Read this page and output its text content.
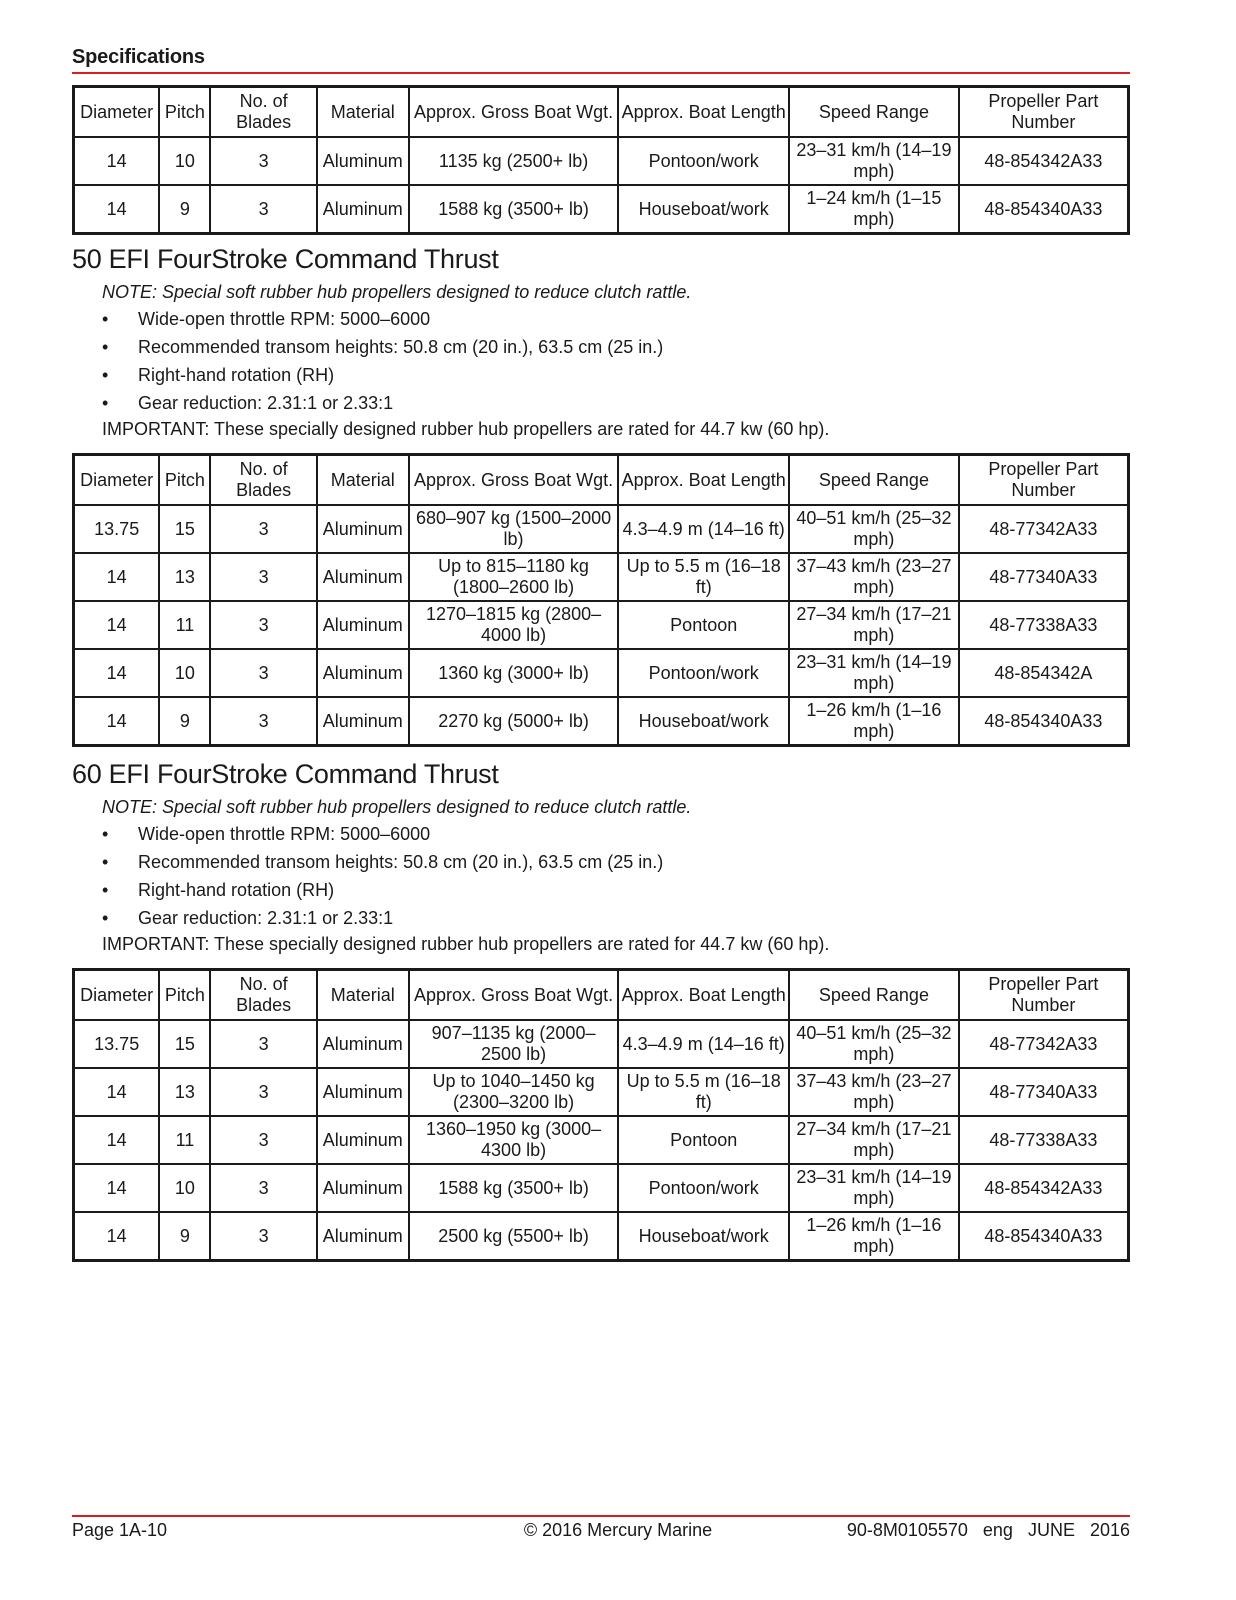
Specifications
Diameter	Pitch	No. of Blades	Material	Approx. Gross Boat Wgt.	Approx. Boat Length	Speed Range	Propeller Part Number
14	10	3	Aluminum	1135 kg (2500+ lb)	Pontoon/work	23–31 km/h (14–19 mph)	48-854342A33
14	9	3	Aluminum	1588 kg (3500+ lb)	Houseboat/work	1–24 km/h (1–15 mph)	48-854340A33
50 EFI FourStroke Command Thrust
NOTE: Special soft rubber hub propellers designed to reduce clutch rattle.
•	Wide-open throttle RPM: 5000–6000
•	Recommended transom heights: 50.8 cm (20 in.), 63.5 cm (25 in.)
•	Right-hand rotation (RH)
•	Gear reduction: 2.31:1 or 2.33:1
IMPORTANT: These specially designed rubber hub propellers are rated for 44.7 kw (60 hp).
Diameter	Pitch	No. of Blades	Material	Approx. Gross Boat Wgt.	Approx. Boat Length	Speed Range	Propeller Part Number
13.75	15	3	Aluminum	680–907 kg (1500–2000 lb)	4.3–4.9 m (14–16 ft)	40–51 km/h (25–32 mph)	48-77342A33
14	13	3	Aluminum	Up to 815–1180 kg (1800–2600 lb)	Up to 5.5 m (16–18 ft)	37–43 km/h (23–27 mph)	48-77340A33
14	11	3	Aluminum	1270–1815 kg (2800–4000 lb)	Pontoon	27–34 km/h (17–21 mph)	48-77338A33
14	10	3	Aluminum	1360 kg (3000+ lb)	Pontoon/work	23–31 km/h (14–19 mph)	48-854342A
14	9	3	Aluminum	2270 kg (5000+ lb)	Houseboat/work	1–26 km/h (1–16 mph)	48-854340A33
60 EFI FourStroke Command Thrust
NOTE: Special soft rubber hub propellers designed to reduce clutch rattle.
•	Wide-open throttle RPM: 5000–6000
•	Recommended transom heights: 50.8 cm (20 in.), 63.5 cm (25 in.)
•	Right-hand rotation (RH)
•	Gear reduction: 2.31:1 or 2.33:1
IMPORTANT: These specially designed rubber hub propellers are rated for 44.7 kw (60 hp).
Diameter	Pitch	No. of Blades	Material	Approx. Gross Boat Wgt.	Approx. Boat Length	Speed Range	Propeller Part Number
13.75	15	3	Aluminum	907–1135 kg (2000–2500 lb)	4.3–4.9 m (14–16 ft)	40–51 km/h (25–32 mph)	48-77342A33
14	13	3	Aluminum	Up to 1040–1450 kg (2300–3200 lb)	Up to 5.5 m (16–18 ft)	37–43 km/h (23–27 mph)	48-77340A33
14	11	3	Aluminum	1360–1950 kg (3000–4300 lb)	Pontoon	27–34 km/h (17–21 mph)	48-77338A33
14	10	3	Aluminum	1588 kg (3500+ lb)	Pontoon/work	23–31 km/h (14–19 mph)	48-854342A33
14	9	3	Aluminum	2500 kg (5500+ lb)	Houseboat/work	1–26 km/h (1–16 mph)	48-854340A33
Page 1A-10	© 2016 Mercury Marine	90-8M0105570   eng   JUNE   2016
